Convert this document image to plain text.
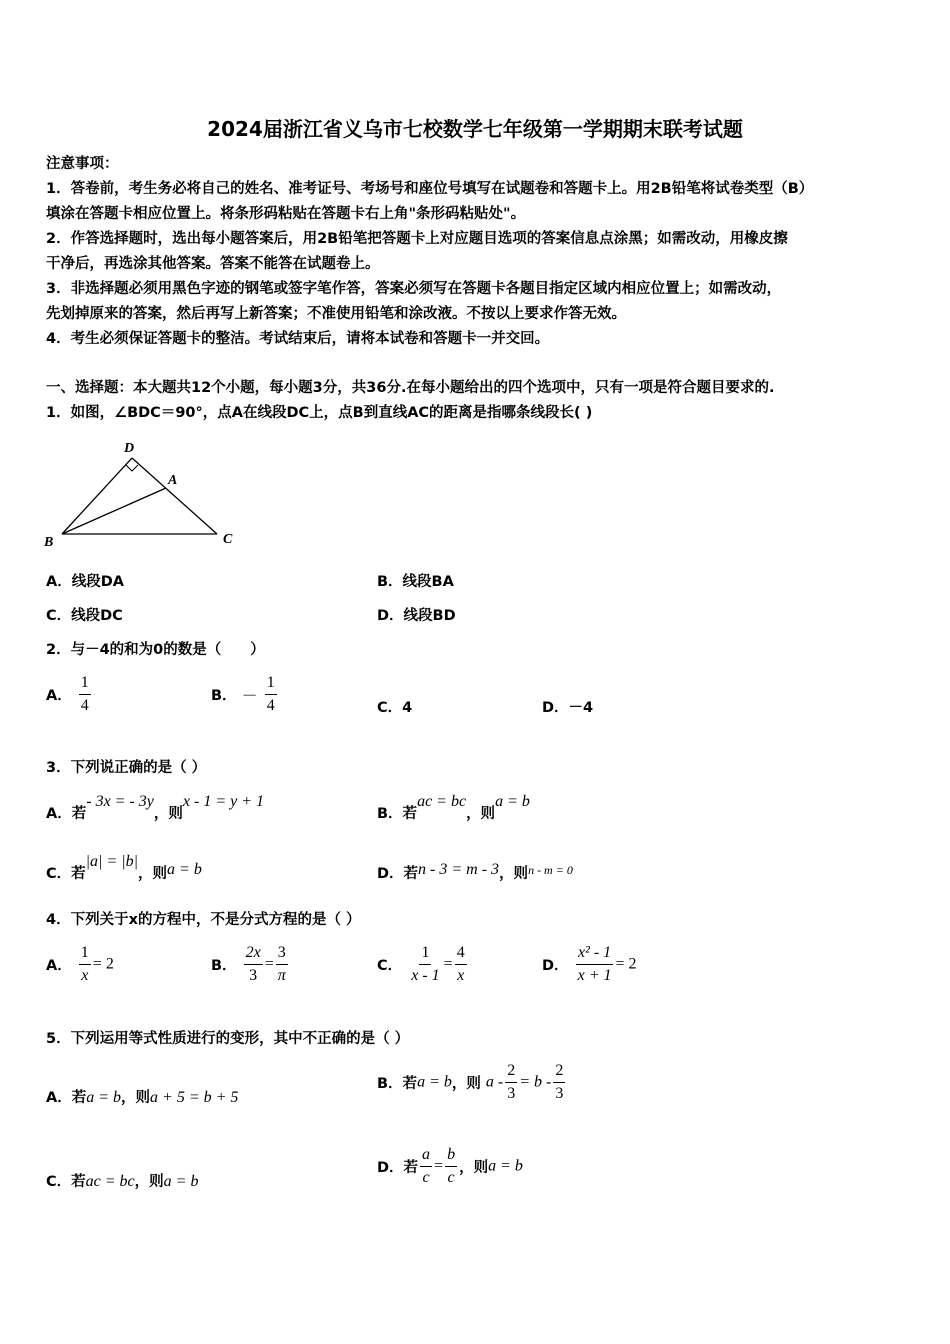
2024届浙江省义乌市七校数学七年级第一学期期末联考试题
注意事项：
1．答卷前，考生务必将自己的姓名、准考证号、考场号和座位号填写在试题卷和答题卡上。用2B铅笔将试卷类型（B）
填涂在答题卡相应位置上。将条形码粘贴在答题卡右上角"条形码粘贴处"。
2．作答选择题时，选出每小题答案后，用2B铅笔把答题卡上对应题目选项的答案信息点涂黑；如需改动，用橡皮擦
干净后，再选涂其他答案。答案不能答在试题卷上。
3．非选择题必须用黑色字迹的钢笔或签字笔作答，答案必须写在答题卡各题目指定区域内相应位置上；如需改动，
先划掉原来的答案，然后再写上新答案；不准使用铅笔和涂改液。不按以上要求作答无效。
4．考生必须保证答题卡的整洁。考试结束后，请将本试卷和答题卡一并交回。
一、选择题：本大题共12个小题，每小题3分，共36分.在每小题给出的四个选项中，只有一项是符合题目要求的.
1．如图，∠BDC＝90°，点A在线段DC上，点B到直线AC的距离是指哪条线段长( )
D
A
B	C
A．线段DA	B．线段BA
C．线段DC	D．线段BD
2．与－4的和为0的数是（　　）
A． $\frac{1}{4}$	B． － $\frac{1}{4}$	C．4	D．－4
3．下列说正确的是（ ）
A．若- 3x = - 3y，则x - 1 = y + 1
B．若ac = bc，则a = b
C．若|a| = |b|，则a = b	D．若n - 3 = m - 3，则$_{n - m = 0}$
4．下列关于x的方程中，不是分式方程的是（ ）
A． $\frac{1}{x} = 2$	B． $\frac{2x}{3} = \frac{3}{\pi}$	C． $\frac{1}{x - 1} = \frac{4}{x}$	D． $\frac{\text{x² - 1}}{x + 1} = 2$
5．下列运用等式性质进行的变形，其中不正确的是（ ）
A．若a = b，则a + 5 = b + 5
B．若a = b，则 $a - \frac{2}{3} = b - \frac{2}{3}$
C．若ac = bc，则a = b
D．若 $\frac{a}{c} = \frac{b}{c}$ ，则a = b
